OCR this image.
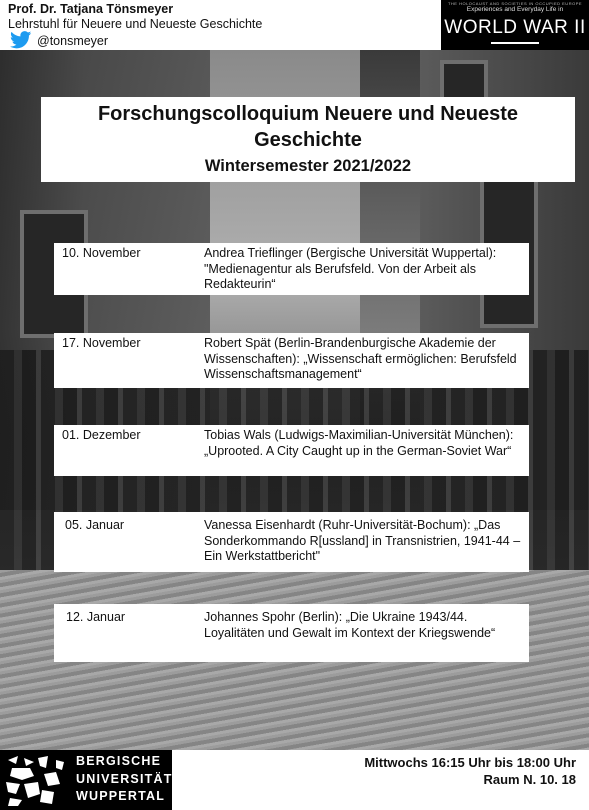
Prof. Dr. Tatjana Tönsmeyer
Lehrstuhl für Neuere und Neueste Geschichte
@tonsmeyer
THE HOLOCAUST AND SOCIETIES IN OCCUPIED EUROPE
Experiences and Everyday Life in
WORLD WAR II
Forschungscolloquium Neuere und Neueste Geschichte
Wintersemester 2021/2022
10. November	Andrea Trieflinger (Bergische Universität Wuppertal): "Medienagentur als Berufsfeld. Von der Arbeit als Redakteurin“
17. November	Robert Spät (Berlin-Brandenburgische Akademie der Wissenschaften): „Wissenschaft ermöglichen: Berufsfeld Wissenschaftsmanagement“
01. Dezember	Tobias Wals (Ludwigs-Maximilian-Universität München): „Uprooted. A City Caught up in the German-Soviet War“
05. Januar	Vanessa Eisenhardt (Ruhr-Universität-Bochum): „Das Sonderkommando R[ussland] in Transnistrien, 1941-44 – Ein Werkstattbericht"
12. Januar	Johannes Spohr (Berlin): „Die Ukraine 1943/44. Loyalitäten und Gewalt im Kontext der Kriegswende“
BERGISCHE
UNIVERSITÄT
WUPPERTAL
Mittwochs 16:15 Uhr bis 18:00 Uhr
Raum N. 10. 18
